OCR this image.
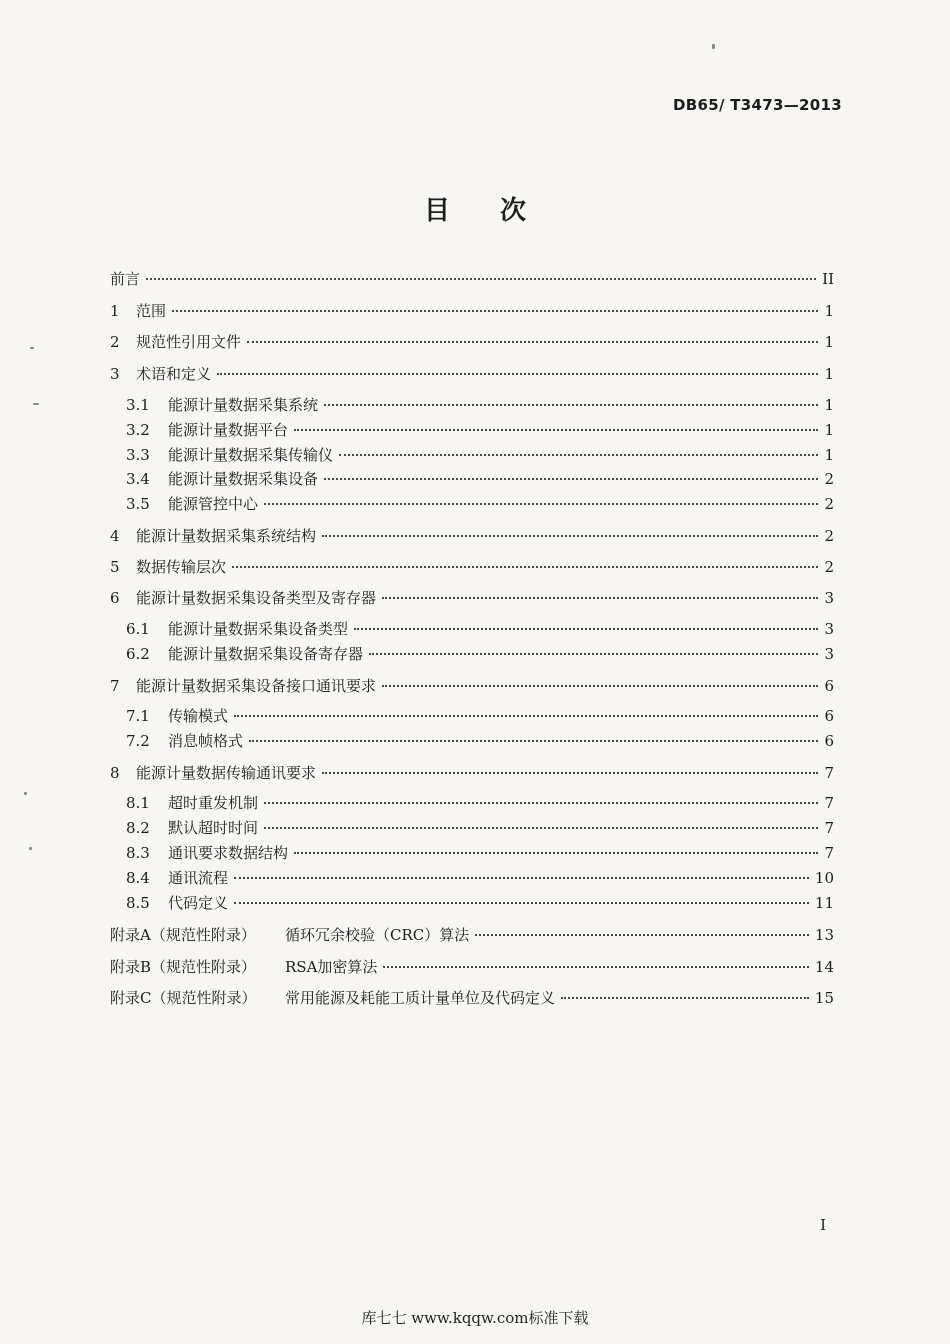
DB65/ T3473—2013
目 次
前言	II
1	范围	1
2	规范性引用文件	1
3	术语和定义	1
3.1	能源计量数据采集系统	1
3.2	能源计量数据平台	1
3.3	能源计量数据采集传输仪	1
3.4	能源计量数据采集设备	2
3.5	能源管控中心	2
4	能源计量数据采集系统结构	2
5	数据传输层次	2
6	能源计量数据采集设备类型及寄存器	3
6.1	能源计量数据采集设备类型	3
6.2	能源计量数据采集设备寄存器	3
7	能源计量数据采集设备接口通讯要求	6
7.1	传输模式	6
7.2	消息帧格式	6
8	能源计量数据传输通讯要求	7
8.1	超时重发机制	7
8.2	默认超时时间	7
8.3	通讯要求数据结构	7
8.4	通讯流程	10
8.5	代码定义	11
附录A（规范性附录）	循环冗余校验（CRC）算法	13
附录B（规范性附录）	RSA加密算法	14
附录C（规范性附录）	常用能源及耗能工质计量单位及代码定义	15
I
库七七 www.kqqw.com标准下载
